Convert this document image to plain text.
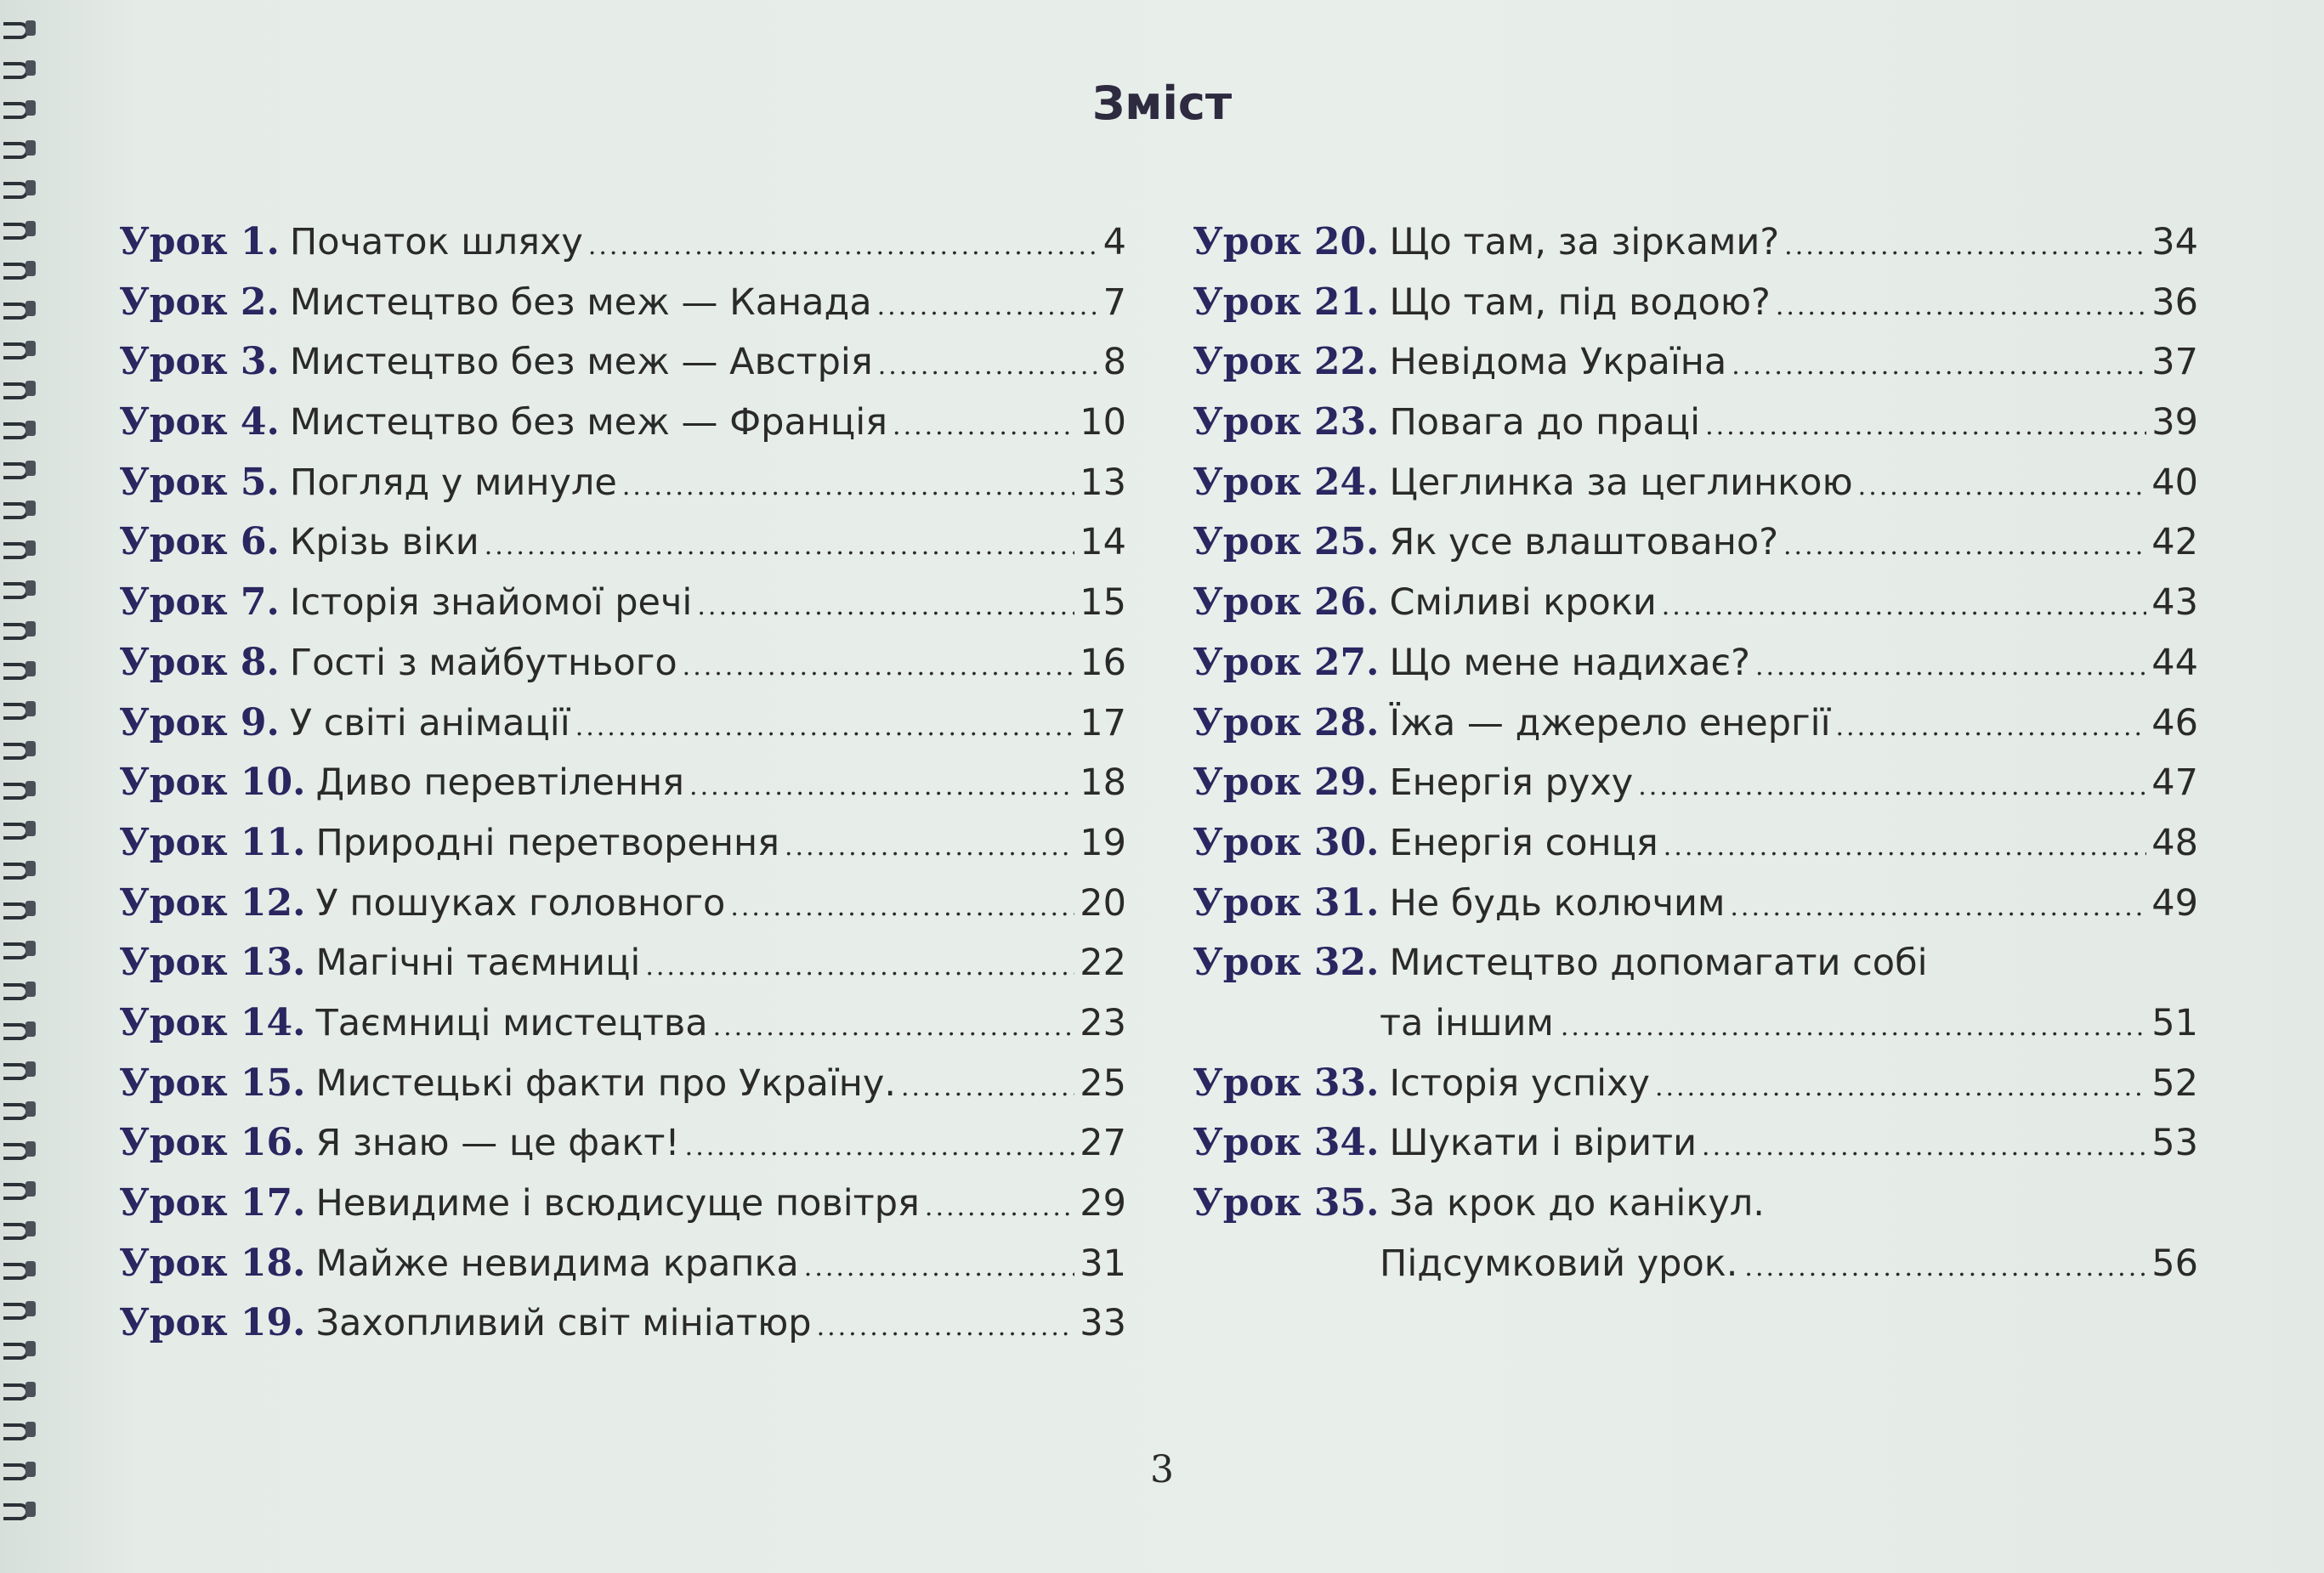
Зміст
Урок 1. Початок шляху .....	4
Урок 2. Мистецтво без меж — Канада .....	7
Урок 3. Мистецтво без меж — Австрія .....	8
Урок 4. Мистецтво без меж — Франція .....	10
Урок 5. Погляд у минуле .....	13
Урок 6. Крізь віки .....	14
Урок 7. Історія знайомої речі .....	15
Урок 8. Гості з майбутнього .....	16
Урок 9. У світі анімації .....	17
Урок 10. Диво перевтілення .....	18
Урок 11. Природні перетворення .....	19
Урок 12. У пошуках головного .....	20
Урок 13. Магічні таємниці .....	22
Урок 14. Таємниці мистецтва .....	23
Урок 15. Мистецькі факти про Україну. .....	25
Урок 16. Я знаю — це факт! .....	27
Урок 17. Невидиме і всюдисуще повітря .....	29
Урок 18. Майже невидима крапка .....	31
Урок 19. Захопливий світ мініатюр .....	33
Урок 20. Що там, за зірками? .....	34
Урок 21. Що там, під водою? .....	36
Урок 22. Невідома Україна .....	37
Урок 23. Повага до праці .....	39
Урок 24. Цеглинка за цеглинкою .....	40
Урок 25. Як усе влаштовано? .....	42
Урок 26. Сміливі кроки .....	43
Урок 27. Що мене надихає? .....	44
Урок 28. Їжа — джерело енергії .....	46
Урок 29. Енергія руху .....	47
Урок 30. Енергія сонця .....	48
Урок 31. Не будь колючим .....	49
Урок 32. Мистецтво допомагати собі
та іншим .....	51
Урок 33. Історія успіху .....	52
Урок 34. Шукати і вірити .....	53
Урок 35. За крок до канікул.
Підсумковий урок. .....	56
3
